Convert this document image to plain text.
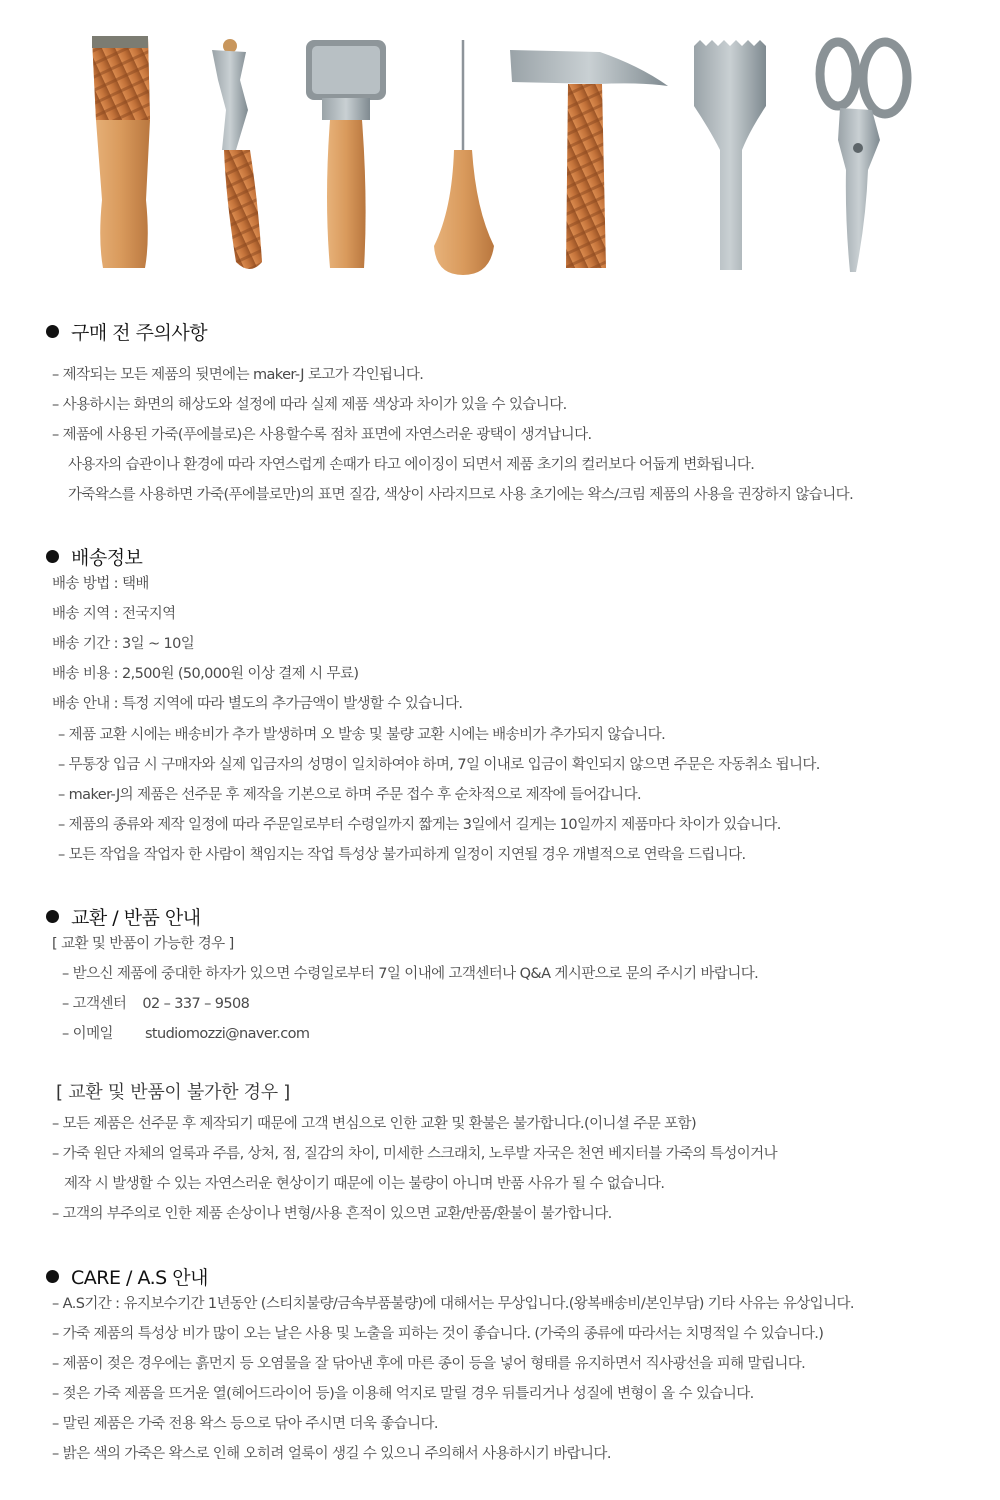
구매 전 주의사항
– 제작되는 모든 제품의 뒷면에는 maker-J 로고가 각인됩니다.
– 사용하시는 화면의 해상도와 설정에 따라 실제 제품 색상과 차이가 있을 수 있습니다.
– 제품에 사용된 가죽(푸에블로)은 사용할수록 점차 표면에 자연스러운 광택이 생겨납니다.
사용자의 습관이나 환경에 따라 자연스럽게 손때가 타고 에이징이 되면서 제품 초기의 컬러보다 어둡게 변화됩니다.
가죽왁스를 사용하면 가죽(푸에블로만)의 표면 질감, 색상이 사라지므로 사용 초기에는 왁스/크림 제품의 사용을 권장하지 않습니다.
배송정보
배송 방법 : 택배
배송 지역 : 전국지역
배송 기간 : 3일 ~ 10일
배송 비용 : 2,500원 (50,000원 이상 결제 시 무료)
배송 안내 : 특정 지역에 따라 별도의 추가금액이 발생할 수 있습니다.
– 제품 교환 시에는 배송비가 추가 발생하며 오 발송 및 불량 교환 시에는 배송비가 추가되지 않습니다.
– 무통장 입금 시 구매자와 실제 입금자의 성명이 일치하여야 하며, 7일 이내로 입금이 확인되지 않으면 주문은 자동취소 됩니다.
– maker-J의 제품은 선주문 후 제작을 기본으로 하며 주문 접수 후 순차적으로 제작에 들어갑니다.
– 제품의 종류와 제작 일정에 따라 주문일로부터 수령일까지 짧게는 3일에서 길게는 10일까지 제품마다 차이가 있습니다.
– 모든 작업을 작업자 한 사람이 책임지는 작업 특성상 불가피하게 일정이 지연될 경우 개별적으로 연락을 드립니다.
교환 / 반품 안내
[ 교환 및 반품이 가능한 경우 ]
– 받으신 제품에 중대한 하자가 있으면 수령일로부터 7일 이내에 고객센터나 Q&A 게시판으로 문의 주시기 바랍니다.
– 고객센터    02 – 337 – 9508
– 이메일        studiomozzi@naver.com
[ 교환 및 반품이 불가한 경우 ]
– 모든 제품은 선주문 후 제작되기 때문에 고객 변심으로 인한 교환 및 환불은 불가합니다.(이니셜 주문 포함)
– 가죽 원단 자체의 얼룩과 주름, 상처, 점, 질감의 차이, 미세한 스크래치, 노루발 자국은 천연 베지터블 가죽의 특성이거나
제작 시 발생할 수 있는 자연스러운 현상이기 때문에 이는 불량이 아니며 반품 사유가 될 수 없습니다.
– 고객의 부주의로 인한 제품 손상이나 변형/사용 흔적이 있으면 교환/반품/환불이 불가합니다.
CARE / A.S 안내
– A.S기간 : 유지보수기간 1년동안 (스티치불량/금속부품불량)에 대해서는 무상입니다.(왕복배송비/본인부담) 기타 사유는 유상입니다.
– 가죽 제품의 특성상 비가 많이 오는 날은 사용 및 노출을 피하는 것이 좋습니다. (가죽의 종류에 따라서는 치명적일 수 있습니다.)
– 제품이 젖은 경우에는 흙먼지 등 오염물을 잘 닦아낸 후에 마른 종이 등을 넣어 형태를 유지하면서 직사광선을 피해 말립니다.
– 젖은 가죽 제품을 뜨거운 열(헤어드라이어 등)을 이용해 억지로 말릴 경우 뒤틀리거나 성질에 변형이 올 수 있습니다.
– 말린 제품은 가죽 전용 왁스 등으로 닦아 주시면 더욱 좋습니다.
– 밝은 색의 가죽은 왁스로 인해 오히려 얼룩이 생길 수 있으니 주의해서 사용하시기 바랍니다.
